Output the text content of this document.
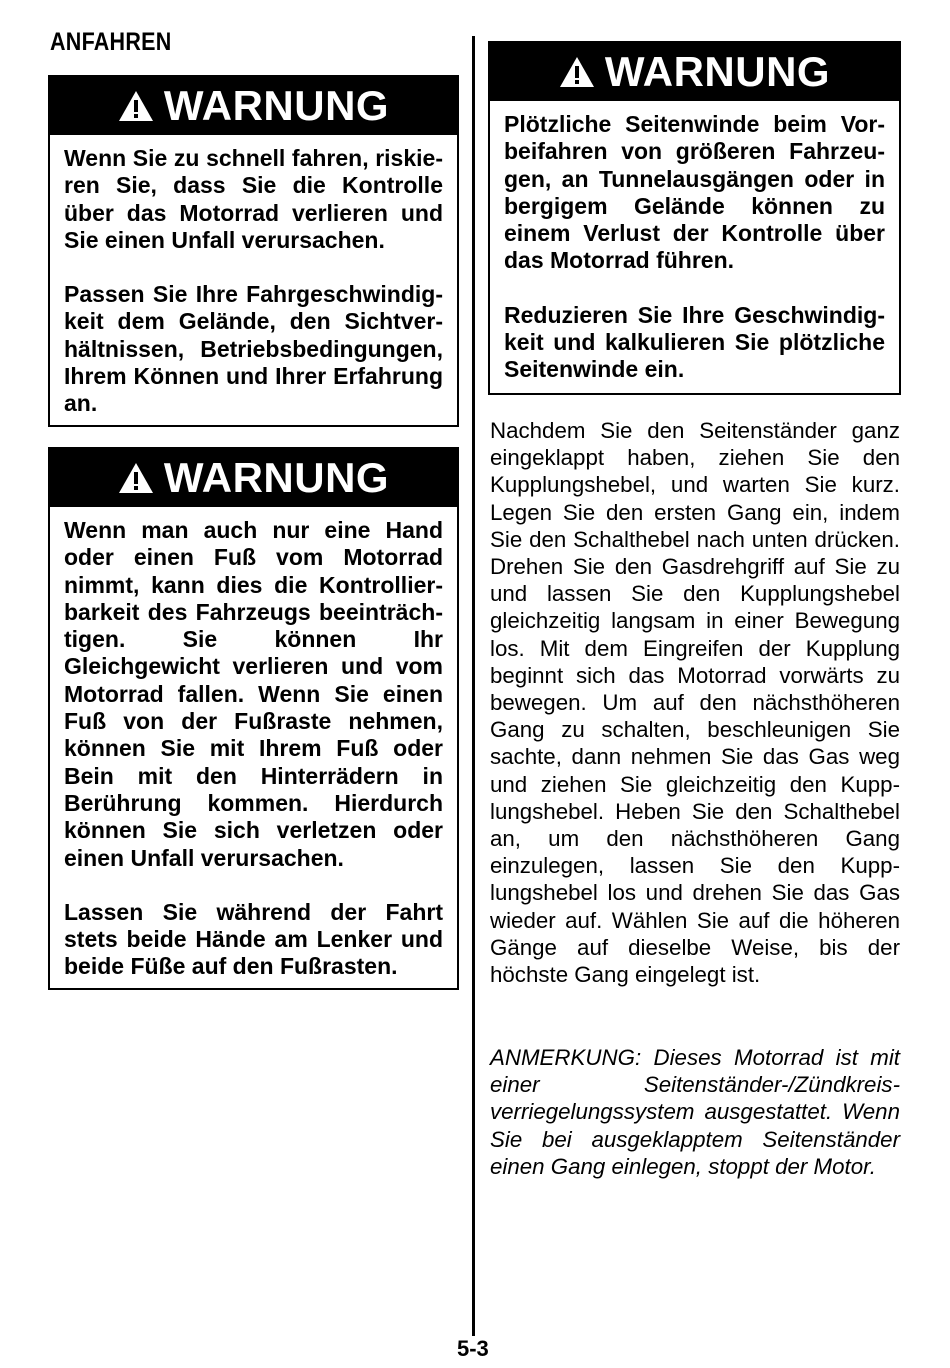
ANFAHREN
WARNUNG

Wenn Sie zu schnell fahren, riskieren Sie, dass Sie die Kontrolle über das Motorrad verlieren und Sie einen Unfall verursachen.

Passen Sie Ihre Fahrgeschwindigkeit dem Gelände, den Sichtverhältnissen, Betriebsbedingungen, Ihrem Können und Ihrer Erfahrung an.

WARNUNG

Wenn man auch nur eine Hand oder einen Fuß vom Motorrad nimmt, kann dies die Kontrollierbarkeit des Fahrzeugs beeinträchtigen. Sie können Ihr Gleichgewicht verlieren und vom Motorrad fallen. Wenn Sie einen Fuß von der Fußraste nehmen, können Sie mit Ihrem Fuß oder Bein mit den Hinterrädern in Berührung kommen. Hierdurch können Sie sich verletzen oder einen Unfall verursachen.

Lassen Sie während der Fahrt stets beide Hände am Lenker und beide Füße auf den Fußrasten.

WARNUNG

Plötzliche Seitenwinde beim Vorbeifahren von größeren Fahrzeugen, an Tunnelausgängen oder in bergigem Gelände können zu einem Verlust der Kontrolle über das Motorrad führen.

Reduzieren Sie Ihre Geschwindigkeit und kalkulieren Sie plötzliche Seitenwinde ein.

Nachdem Sie den Seitenständer ganz eingeklappt haben, ziehen Sie den Kupplungshebel, und warten Sie kurz. Legen Sie den ersten Gang ein, indem Sie den Schalthebel nach unten drücken. Drehen Sie den Gasdrehgriff auf Sie zu und lassen Sie den Kupplungshebel gleichzeitig langsam in einer Bewegung los. Mit dem Eingreifen der Kupplung beginnt sich das Motorrad vorwärts zu bewegen. Um auf den nächsthöheren Gang zu schalten, beschleunigen Sie sachte, dann nehmen Sie das Gas weg und ziehen Sie gleichzeitig den Kupplungshebel. Heben Sie den Schalthebel an, um den nächsthöheren Gang einzulegen, lassen Sie den Kupplungshebel los und drehen Sie das Gas wieder auf. Wählen Sie auf die höheren Gänge auf dieselbe Weise, bis der höchste Gang eingelegt ist.

ANMERKUNG: Dieses Motorrad ist mit einer Seitenständer-/Zündkreisverriegelungssystem ausgestattet. Wenn Sie bei ausgeklapptem Seitenständer einen Gang einlegen, stoppt der Motor.

5-3
